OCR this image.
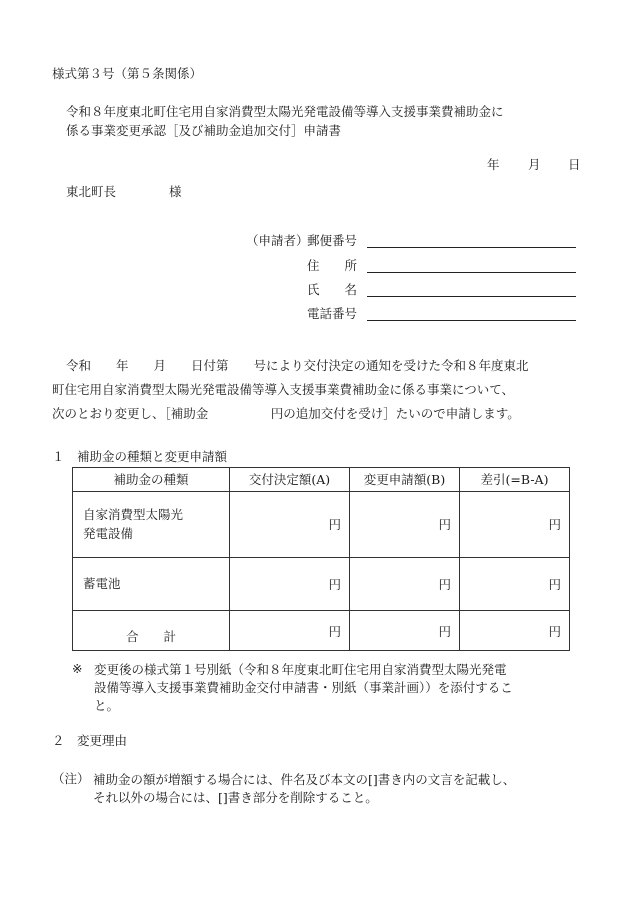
様式第３号（第５条関係）
令和８年度東北町住宅用自家消費型太陽光発電設備等導入支援事業費補助金に
係る事業変更承認［及び補助金追加交付］申請書
年 月 日
東北町長	様
（申請者）
郵便番号
住　　所
氏　　名
電話番号
令和　　年　　月　　日付第　　号により交付決定の通知を受けた令和８年度東北
町住宅用自家消費型太陽光発電設備等導入支援事業費補助金に係る事業について、
次のとおり変更し、［補助金　　　　　円の追加交付を受け］たいので申請します。
１　補助金の種類と変更申請額
補助金の種類	交付決定額(A)	変更申請額(B)	差引(=B-A)
自家消費型太陽光
発電設備	円	円	円
蓄電池	円	円	円
合　　計	円	円	円
※ 変更後の様式第１号別紙（令和８年度東北町住宅用自家消費型太陽光発電
設備等導入支援事業費補助金交付申請書・別紙（事業計画））を添付するこ
と。
２　変更理由
（注） 補助金の額が増額する場合には、件名及び本文の[]書き内の文言を記載し、
それ以外の場合には、[]書き部分を削除すること。
